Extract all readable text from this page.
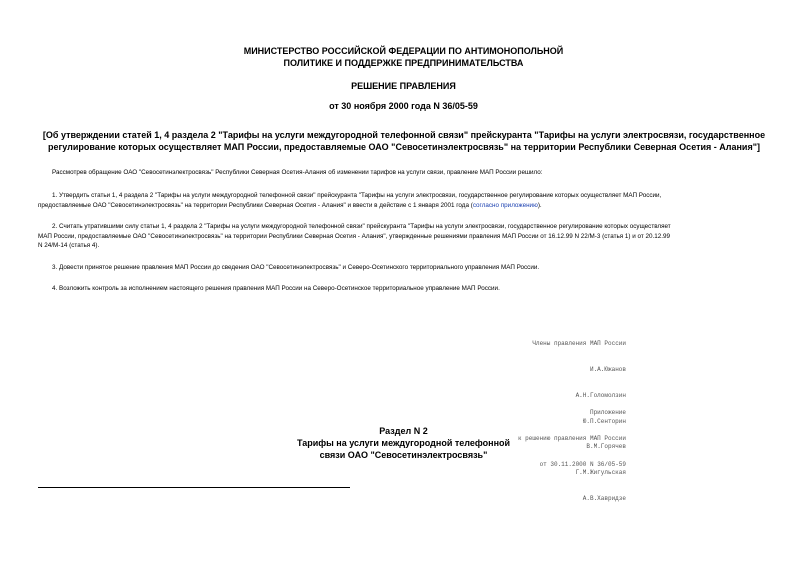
МИНИСТЕРСТВО РОССИЙСКОЙ ФЕДЕРАЦИИ ПО АНТИМОНОПОЛЬНОЙ
ПОЛИТИКЕ И ПОДДЕРЖКЕ ПРЕДПРИНИМАТЕЛЬСТВА
РЕШЕНИЕ ПРАВЛЕНИЯ
от 30 ноября 2000 года N 36/05-59
[Об утверждении статей 1, 4 раздела 2 "Тарифы на услуги междугородной телефонной связи" прейскуранта "Тарифы на услуги электросвязи, государственное
регулирование которых осуществляет МАП России, предоставляемые ОАО "Севосетинэлектросвязь" на территории Республики Северная Осетия - Алания"]
Рассмотрев обращение ОАО "Севосетинэлектросвязь" Республики Северная Осетия-Алания об изменении тарифов на услуги связи, правление МАП России решило:
1. Утвердить статьи 1, 4 раздела 2 "Тарифы на услуги междугородной телефонной связи" прейскуранта "Тарифы на услуги электросвязи, государственное регулирование которых осуществляет МАП России,
предоставляемые ОАО "Севосетинэлектросвязь" на территории Республики Северная Осетия - Алания" и ввести в действие с 1 января 2001 года (согласно приложению).
2. Считать утратившими силу статьи 1, 4 раздела 2 "Тарифы на услуги междугородной телефонной связи" прейскуранта "Тарифы на услуги электросвязи, государственное регулирование которых осуществляет
МАП России, предоставляемые ОАО "Севосетинэлектросвязь" на территории Республики Северная Осетия - Алания", утвержденные решениями правления МАП России от 16.12.99 N 22/М-3 (статья 1) и от 20.12.99
N 24/М-14 (статья 4).
3. Довести принятое решение правления МАП России до сведения ОАО "Севосетинэлектросвязь" и Северо-Осетинского территориального управления МАП России.
4. Возложить контроль за исполнением настоящего решения правления МАП России на Северо-Осетинское территориальное управление МАП России.

Члены правления МАП России

И.А.Южанов

А.Н.Голомолзин

Ю.П.Сенторин

В.М.Горячев

Г.М.Жигульская

А.В.Хавридзе

Приложение

к решению правления МАП России

от 30.11.2000 N 36/05-59

Раздел N 2
Тарифы на услуги междугородной телефонной
связи ОАО "Севосетинэлектросвязь"
